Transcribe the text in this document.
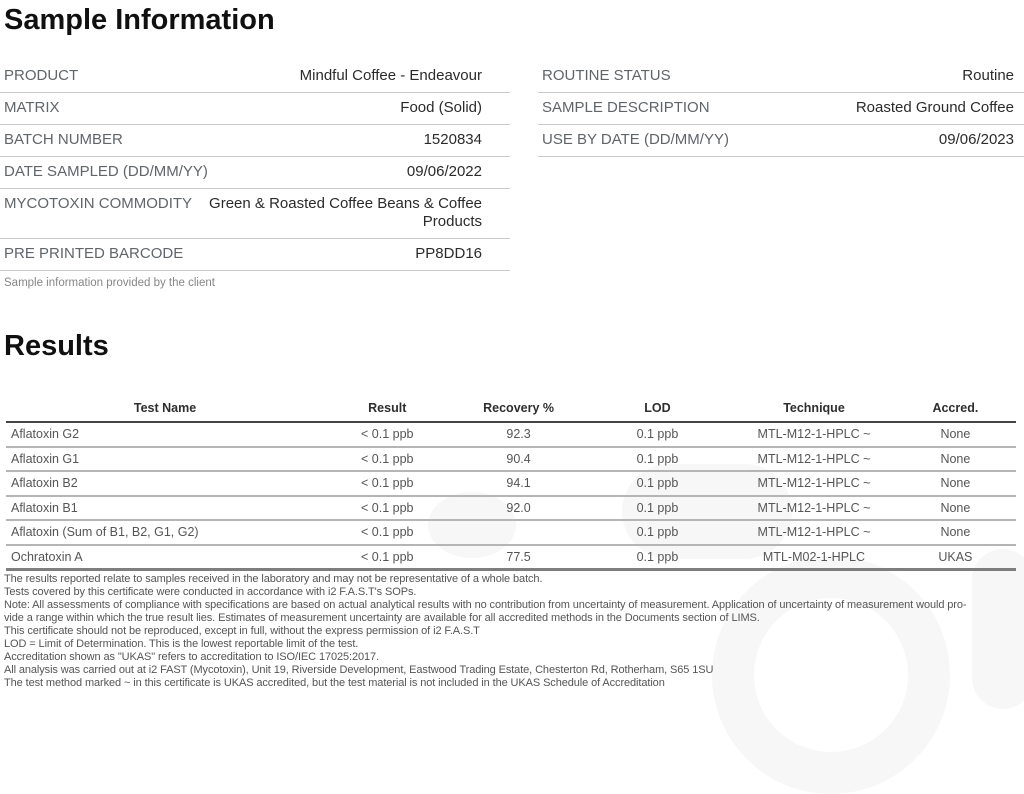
Sample Information
PRODUCT	Mindful Coffee - Endeavour
MATRIX	Food (Solid)
BATCH NUMBER	1520834
DATE SAMPLED (DD/MM/YY)	09/06/2022
MYCOTOXIN COMMODITY	Green & Roasted Coffee Beans & Coffee Products
PRE PRINTED BARCODE	PP8DD16
Sample information provided by the client
ROUTINE STATUS	Routine
SAMPLE DESCRIPTION	Roasted Ground Coffee
USE BY DATE (DD/MM/YY)	09/06/2023
Results
Test Name	Result	Recovery %	LOD	Technique	Accred.
Aflatoxin G2	< 0.1 ppb	92.3	0.1 ppb	MTL-M12-1-HPLC ~	None
Aflatoxin G1	< 0.1 ppb	90.4	0.1 ppb	MTL-M12-1-HPLC ~	None
Aflatoxin B2	< 0.1 ppb	94.1	0.1 ppb	MTL-M12-1-HPLC ~	None
Aflatoxin B1	< 0.1 ppb	92.0	0.1 ppb	MTL-M12-1-HPLC ~	None
Aflatoxin (Sum of B1, B2, G1, G2)	< 0.1 ppb		0.1 ppb	MTL-M12-1-HPLC ~	None
Ochratoxin A	< 0.1 ppb	77.5	0.1 ppb	MTL-M02-1-HPLC	UKAS
The results reported relate to samples received in the laboratory and may not be representative of a whole batch.
Tests covered by this certificate were conducted in accordance with i2 F.A.S.T's SOPs.
Note: All assessments of compliance with specifications are based on actual analytical results with no contribution from uncertainty of measurement. Application of uncertainty of measurement would pro-
vide a range within which the true result lies. Estimates of measurement uncertainty are available for all accredited methods in the Documents section of LIMS.
This certificate should not be reproduced, except in full, without the express permission of i2 F.A.S.T
LOD = Limit of Determination. This is the lowest reportable limit of the test.
Accreditation shown as "UKAS" refers to accreditation to ISO/IEC 17025:2017.
All analysis was carried out at i2 FAST (Mycotoxin), Unit 19, Riverside Development, Eastwood Trading Estate, Chesterton Rd, Rotherham, S65 1SU
The test method marked ~ in this certificate is UKAS accredited, but the test material is not included in the UKAS Schedule of Accreditation
